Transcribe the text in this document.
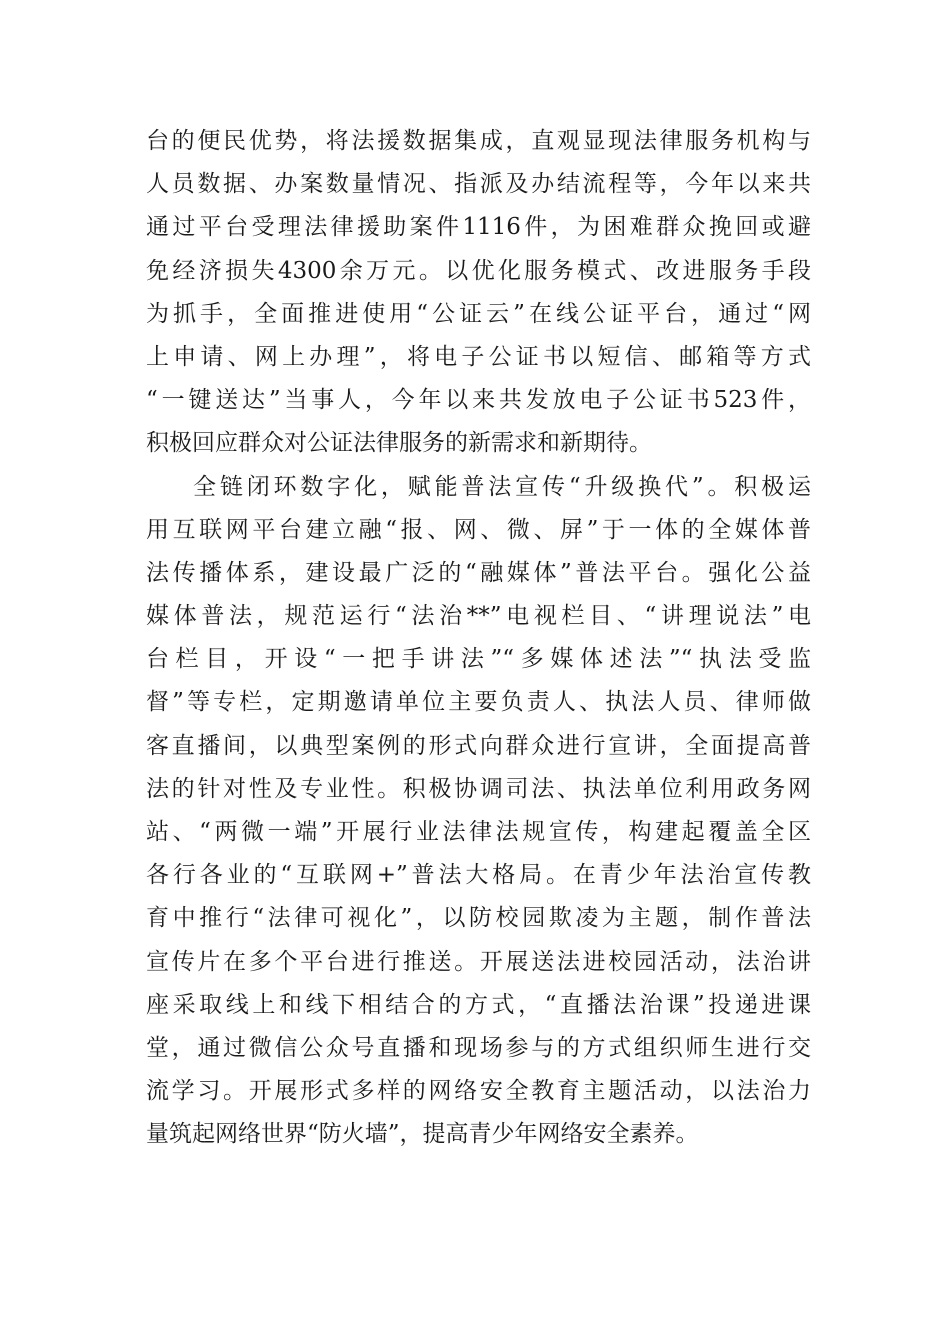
台的便民优势，将法援数据集成，直观显现法律服务机构与
人员数据、办案数量情况、指派及办结流程等，今年以来共
通过平台受理法律援助案件1116件，为困难群众挽回或避
免经济损失4300余万元。以优化服务模式、改进服务手段
为抓手，全面推进使用“公证云”在线公证平台，通过“网
上申请、网上办理”，将电子公证书以短信、邮箱等方式
“一键送达”当事人，今年以来共发放电子公证书523件，
积极回应群众对公证法律服务的新需求和新期待。
全链闭环数字化，赋能普法宣传“升级换代”。积极运
用互联网平台建立融“报、网、微、屏”于一体的全媒体普
法传播体系，建设最广泛的“融媒体”普法平台。强化公益
媒体普法，规范运行“法治**”电视栏目、“讲理说法”电
台栏目，开设“一把手讲法”“多媒体述法”“执法受监
督”等专栏，定期邀请单位主要负责人、执法人员、律师做
客直播间，以典型案例的形式向群众进行宣讲，全面提高普
法的针对性及专业性。积极协调司法、执法单位利用政务网
站、“两微一端”开展行业法律法规宣传，构建起覆盖全区
各行各业的“互联网+”普法大格局。在青少年法治宣传教
育中推行“法律可视化”，以防校园欺凌为主题，制作普法
宣传片在多个平台进行推送。开展送法进校园活动，法治讲
座采取线上和线下相结合的方式，“直播法治课”投递进课
堂，通过微信公众号直播和现场参与的方式组织师生进行交
流学习。开展形式多样的网络安全教育主题活动，以法治力
量筑起网络世界“防火墙”，提高青少年网络安全素养。
